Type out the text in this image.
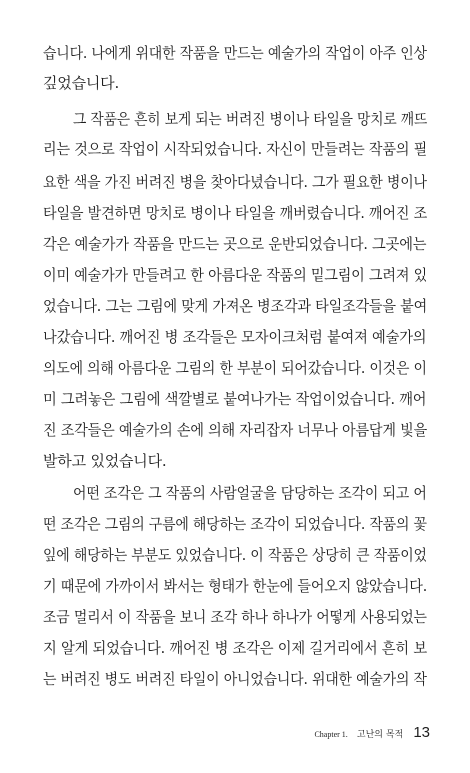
습니다. 나에게 위대한 작품을 만드는 예술가의 작업이 아주 인상
깊었습니다.
그 작품은 흔히 보게 되는 버려진 병이나 타일을 망치로 깨뜨
리는 것으로 작업이 시작되었습니다. 자신이 만들려는 작품의 필
요한 색을 가진 버려진 병을 찾아다녔습니다. 그가 필요한 병이나
타일을 발견하면 망치로 병이나 타일을 깨버렸습니다. 깨어진 조
각은 예술가가 작품을 만드는 곳으로 운반되었습니다. 그곳에는
이미 예술가가 만들려고 한 아름다운 작품의 밑그림이 그려져 있
었습니다. 그는 그림에 맞게 가져온 병조각과 타일조각들을 붙여
나갔습니다. 깨어진 병 조각들은 모자이크처럼 붙여져 예술가의
의도에 의해 아름다운 그림의 한 부분이 되어갔습니다. 이것은 이
미 그려놓은 그림에 색깔별로 붙여나가는 작업이었습니다. 깨어
진 조각들은 예술가의 손에 의해 자리잡자 너무나 아름답게 빛을
발하고 있었습니다.
어떤 조각은 그 작품의 사람얼굴을 담당하는 조각이 되고 어
떤 조각은 그림의 구름에 해당하는 조각이 되었습니다. 작품의 꽃
잎에 해당하는 부분도 있었습니다. 이 작품은 상당히 큰 작품이었
기 때문에 가까이서 봐서는 형태가 한눈에 들어오지 않았습니다.
조금 멀리서 이 작품을 보니 조각 하나 하나가 어떻게 사용되었는
지 알게 되었습니다. 깨어진 병 조각은 이제 길거리에서 흔히 보
는 버려진 병도 버려진 타일이 아니었습니다. 위대한 예술가의 작
Chapter 1. 고난의 목적 13
